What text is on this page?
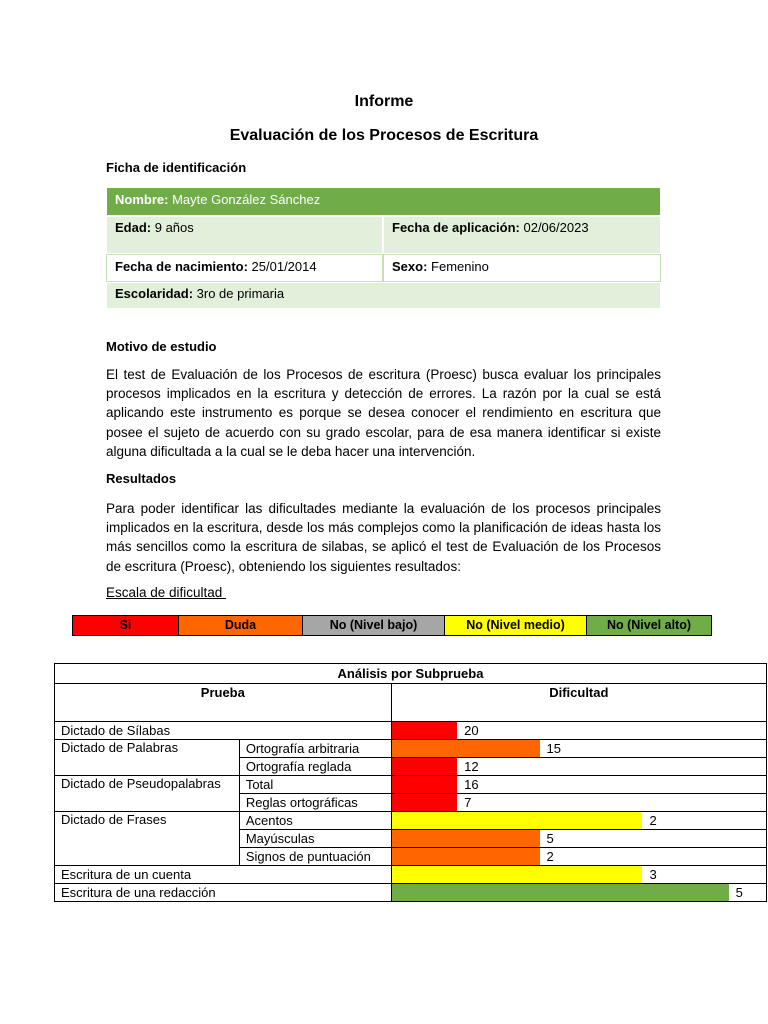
Informe
Evaluación de los Procesos de Escritura
Ficha de identificación
Nombre: Mayte González Sánchez
Edad: 9 años	Fecha de aplicación: 02/06/2023
Fecha de nacimiento: 25/01/2014	Sexo: Femenino
Escolaridad: 3ro de primaria
Motivo de estudio
El test de Evaluación de los Procesos de escritura (Proesc) busca evaluar los principales procesos implicados en la escritura y detección de errores. La razón por la cual se está aplicando este instrumento es porque se desea conocer el rendimiento en escritura que posee el sujeto de acuerdo con su grado escolar, para de esa manera identificar si existe alguna dificultada a la cual se le deba hacer una intervención.
Resultados
Para poder identificar las dificultades mediante la evaluación de los procesos principales implicados en la escritura, desde los más complejos como la planificación de ideas hasta los más sencillos como la escritura de silabas, se aplicó el test de Evaluación de los Procesos de escritura (Proesc), obteniendo los siguientes resultados:
Escala de dificultad
Si	Duda	No (Nivel bajo)	No (Nivel medio)	No (Nivel alto)
Análisis por Subprueba		
Prueba		Dificultad
Dictado de Sílabas		20

Dictado de Palabras	Ortografía arbitraria	15

	Ortografía reglada	12

Dictado de Pseudopalabras	Total	16

	Reglas ortográficas	7

Dictado de Frases	Acentos	2

	Mayúsculas	5

	Signos de puntuación	2

Escritura de un cuenta		3

Escritura de una redacción		5
